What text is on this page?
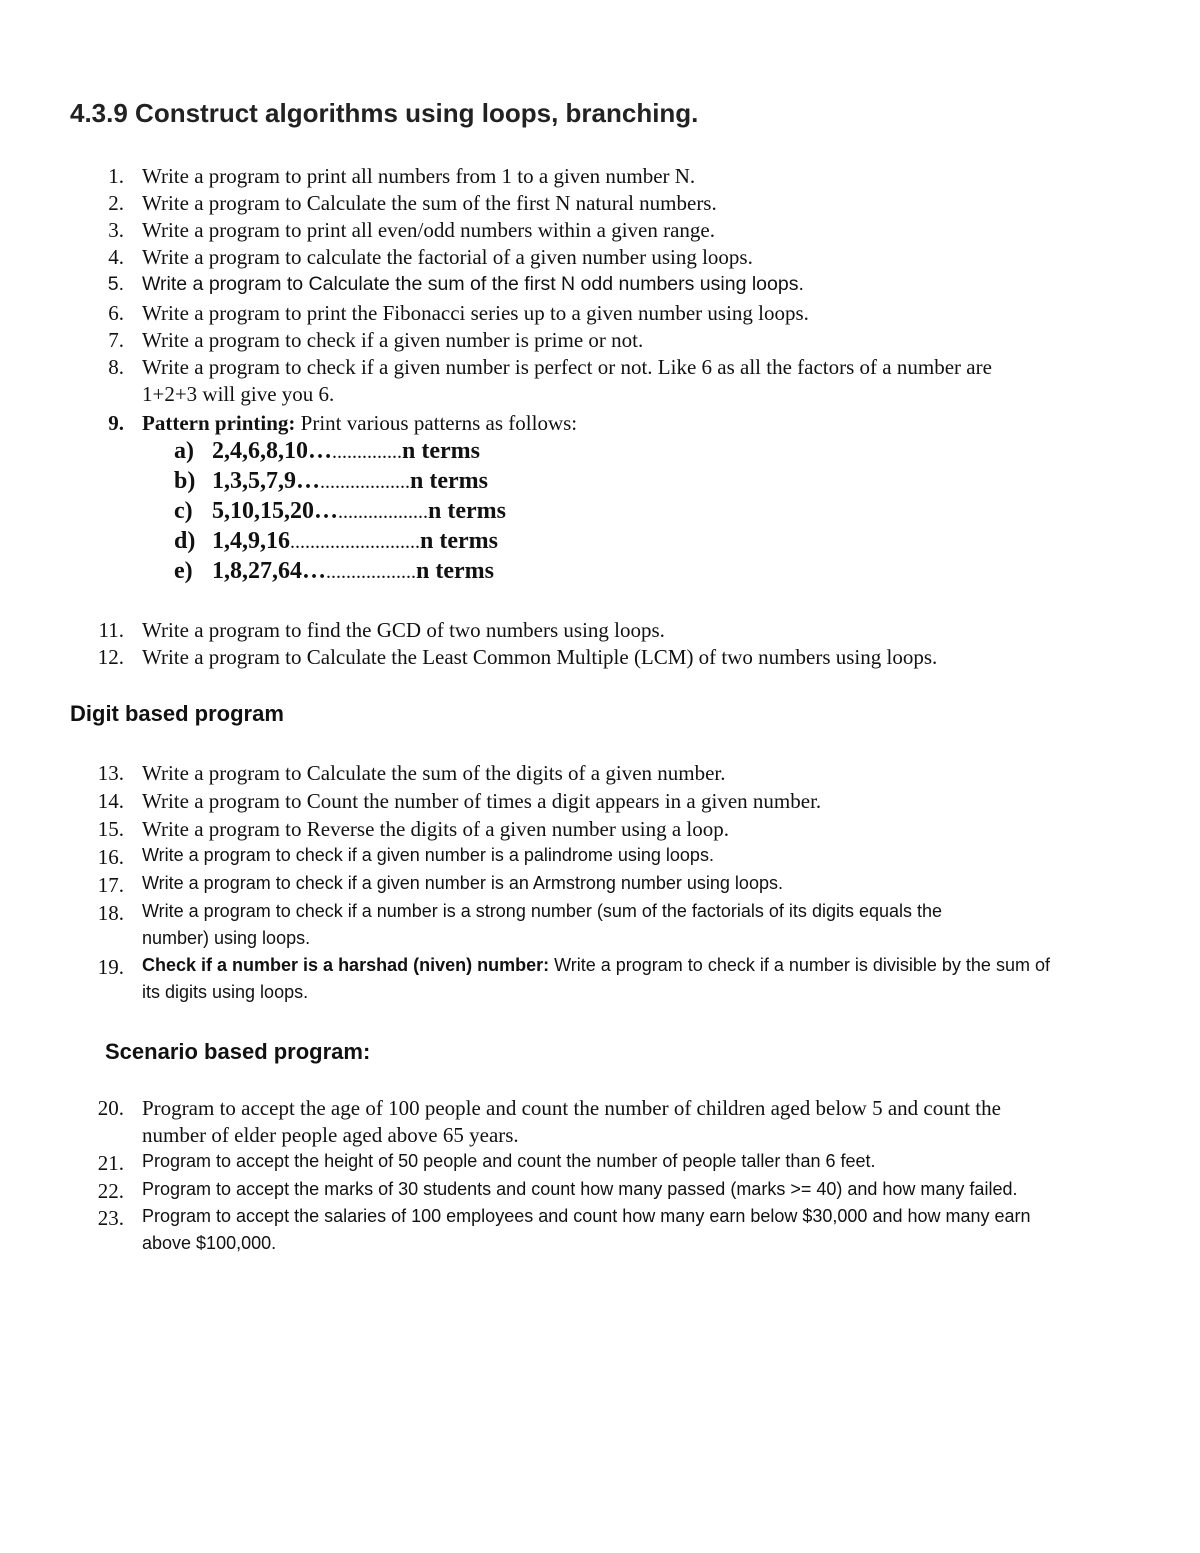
4.3.9 Construct algorithms using loops, branching.
1. Write a program to print all numbers from 1 to a given number N.
2. Write a program to Calculate the sum of the first N natural numbers.
3. Write a program to print all even/odd numbers within a given range.
4. Write a program to calculate the factorial of a given number using loops.
5. Write a program to Calculate the sum of the first N odd numbers using loops.
6. Write a program to print the Fibonacci series up to a given number using loops.
7. Write a program to check if a given number is prime or not.
8. Write a program to check if a given number is perfect or not. Like 6 as all the factors of a number are
1+2+3 will give you 6.
9. Pattern printing: Print various patterns as follows:
a) 2,4,6,8,10…..............n terms
b) 1,3,5,7,9…..................n terms
c) 5,10,15,20…..................n terms
d) 1,4,9,16..........................n terms
e) 1,8,27,64…..................n terms
11. Write a program to find the GCD of two numbers using loops.
12. Write a program to Calculate the Least Common Multiple (LCM) of two numbers using loops.
Digit based program
13. Write a program to Calculate the sum of the digits of a given number.
14. Write a program to Count the number of times a digit appears in a given number.
15. Write a program to Reverse the digits of a given number using a loop.
16. Write a program to check if a given number is a palindrome using loops.
17. Write a program to check if a given number is an Armstrong number using loops.
18. Write a program to check if a number is a strong number (sum of the factorials of its digits equals the
number) using loops.
19. Check if a number is a harshad (niven) number: Write a program to check if a number is divisible by the sum of
its digits using loops.
Scenario based program:
20. Program to accept the age of 100 people and count the number of children aged below 5 and count the
number of elder people aged above 65 years.
21. Program to accept the height of 50 people and count the number of people taller than 6 feet.
22. Program to accept the marks of 30 students and count how many passed (marks >= 40) and how many failed.
23. Program to accept the salaries of 100 employees and count how many earn below $30,000 and how many earn
above $100,000.
